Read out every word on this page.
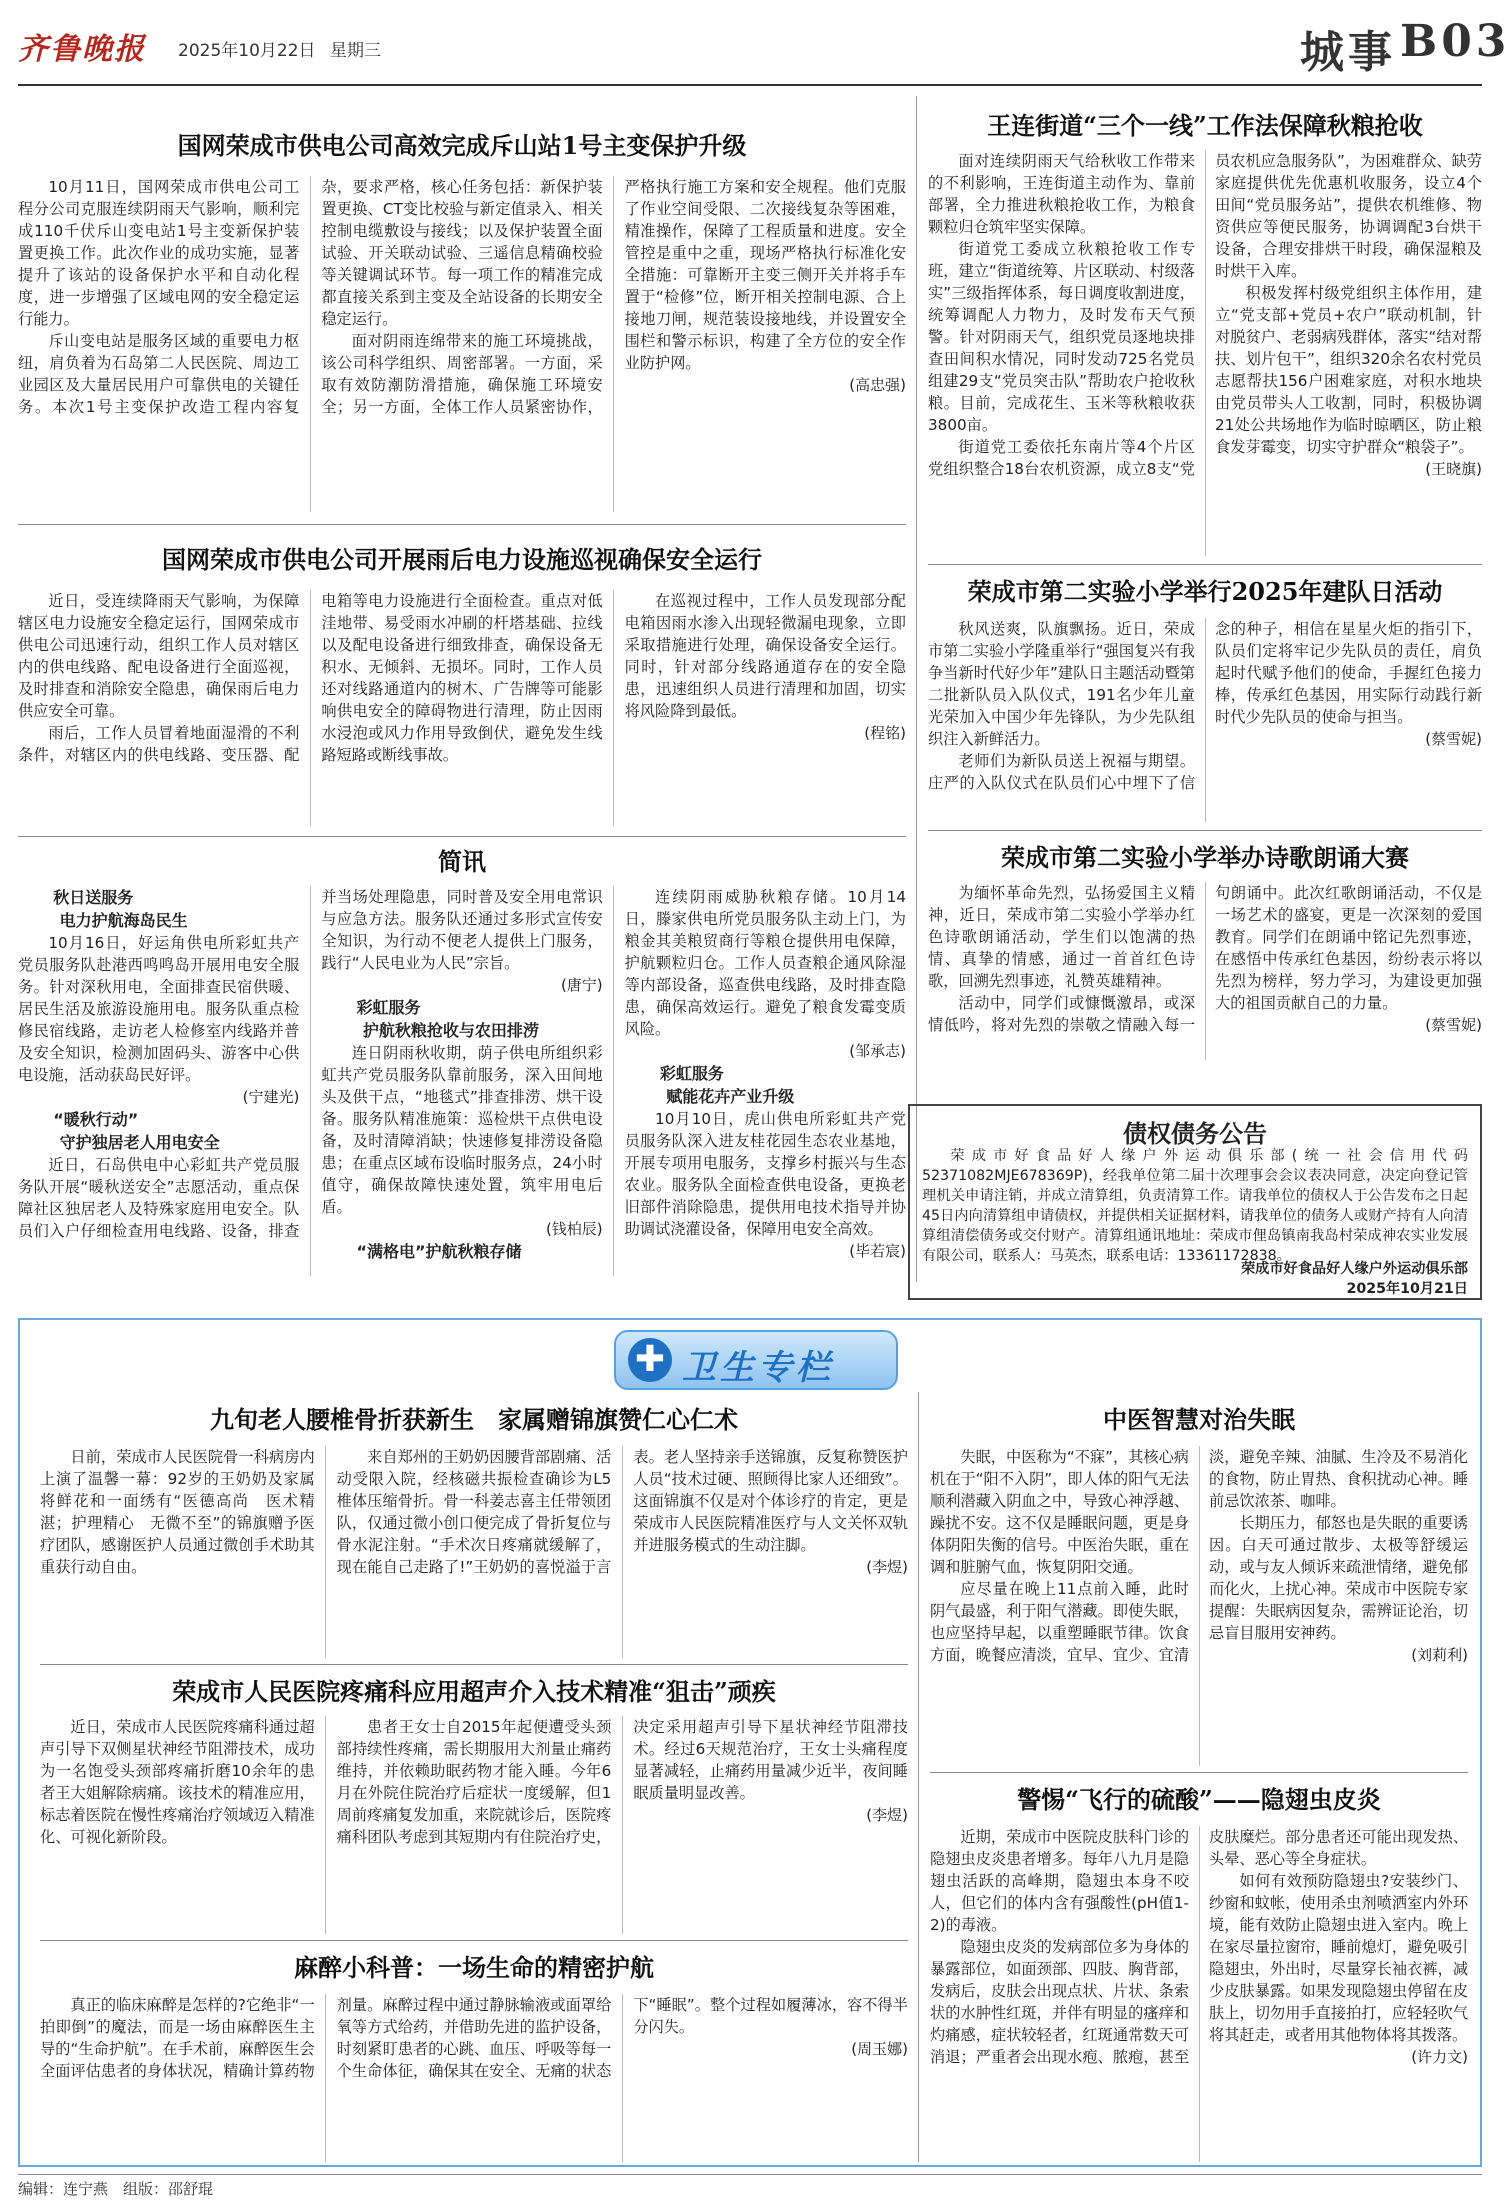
齐鲁晚报	2025年10月22日 星期三	城事 B03
国网荣成市供电公司高效完成斥山站1号主变保护升级

10月11日，国网荣成市供电公司工程分公司克服连续阴雨天气影响，顺利完成110千伏斥山变电站1号主变新保护装置更换工作。此次作业的成功实施，显著提升了该站的设备保护水平和自动化程度，进一步增强了区域电网的安全稳定运行能力。

斥山变电站是服务区域的重要电力枢纽，肩负着为石岛第二人民医院、周边工业园区及大量居民用户可靠供电的关键任务。本次1号主变保护改造工程内容复杂，要求严格，核心任务包括：新保护装置更换、CT变比校验与新定值录入、相关控制电缆敷设与接线；以及保护装置全面试验、开关联动试验、三遥信息精确校验等关键调试环节。每一项工作的精准完成都直接关系到主变及全站设备的长期安全稳定运行。

面对阴雨连绵带来的施工环境挑战，该公司科学组织、周密部署。一方面，采取有效防潮防滑措施，确保施工环境安全；另一方面，全体工作人员紧密协作，严格执行施工方案和安全规程。他们克服了作业空间受限、二次接线复杂等困难，精准操作，保障了工程质量和进度。安全管控是重中之重，现场严格执行标准化安全措施：可靠断开主变三侧开关并将手车置于“检修”位，断开相关控制电源、合上接地刀闸，规范装设接地线，并设置安全围栏和警示标识，构建了全方位的安全作业防护网。

(高忠强)

国网荣成市供电公司开展雨后电力设施巡视确保安全运行

近日，受连续降雨天气影响，为保障辖区电力设施安全稳定运行，国网荣成市供电公司迅速行动，组织工作人员对辖区内的供电线路、配电设备进行全面巡视，及时排查和消除安全隐患，确保雨后电力供应安全可靠。

雨后，工作人员冒着地面湿滑的不利条件，对辖区内的供电线路、变压器、配电箱等电力设施进行全面检查。重点对低洼地带、易受雨水冲刷的杆塔基础、拉线以及配电设备进行细致排查，确保设备无积水、无倾斜、无损坏。同时，工作人员还对线路通道内的树木、广告牌等可能影响供电安全的障碍物进行清理，防止因雨水浸泡或风力作用导致倒伏，避免发生线路短路或断线事故。

在巡视过程中，工作人员发现部分配电箱因雨水渗入出现轻微漏电现象，立即采取措施进行处理，确保设备安全运行。同时，针对部分线路通道存在的安全隐患，迅速组织人员进行清理和加固，切实将风险降到最低。

(程铭)

简讯

秋日送服务

电力护航海岛民生

10月16日，好运角供电所彩虹共产党员服务队赴港西鸣鸣岛开展用电安全服务。针对深秋用电，全面排查民宿供暖、居民生活及旅游设施用电。服务队重点检修民宿线路，走访老人检修室内线路并普及安全知识，检测加固码头、游客中心供电设施，活动获岛民好评。

(宁建光)

“暖秋行动”

守护独居老人用电安全

近日，石岛供电中心彩虹共产党员服务队开展“暖秋送安全”志愿活动，重点保障社区独居老人及特殊家庭用电安全。队员们入户仔细检查用电线路、设备，排查并当场处理隐患，同时普及安全用电常识与应急方法。服务队还通过多形式宣传安全知识，为行动不便老人提供上门服务，践行“人民电业为人民”宗旨。

(唐宁)

彩虹服务

护航秋粮抢收与农田排涝

连日阴雨秋收期，荫子供电所组织彩虹共产党员服务队靠前服务，深入田间地头及供干点，“地毯式”排查排涝、烘干设备。服务队精准施策：巡检烘干点供电设备，及时清障消缺；快速修复排涝设备隐患；在重点区域布设临时服务点，24小时值守，确保故障快速处置，筑牢用电后盾。

(钱柏辰)

“满格电”护航秋粮存储

连续阴雨威胁秋粮存储。10月14日，滕家供电所党员服务队主动上门，为粮金其美粮贸商行等粮仓提供用电保障，护航颗粒归仓。工作人员查粮企通风除湿等内部设备，巡查供电线路，及时排查隐患，确保高效运行。避免了粮食发霉变质风险。

(邹承志)

彩虹服务

赋能花卉产业升级

10月10日，虎山供电所彩虹共产党员服务队深入进友桂花园生态农业基地，开展专项用电服务，支撑乡村振兴与生态农业。服务队全面检查供电设备，更换老旧部件消除隐患，提供用电技术指导并协助调试浇灌设备，保障用电安全高效。

(毕若宸)

王连街道“三个一线”工作法保障秋粮抢收

面对连续阴雨天气给秋收工作带来的不利影响，王连街道主动作为、靠前部署，全力推进秋粮抢收工作，为粮食颗粒归仓筑牢坚实保障。

街道党工委成立秋粮抢收工作专班，建立“街道统筹、片区联动、村级落实”三级指挥体系，每日调度收割进度，统筹调配人力物力，及时发布天气预警。针对阴雨天气，组织党员逐地块排查田间积水情况，同时发动725名党员组建29支“党员突击队”帮助农户抢收秋粮。目前，完成花生、玉米等秋粮收获3800亩。

街道党工委依托东南片等4个片区党组织整合18台农机资源，成立8支“党员农机应急服务队”，为困难群众、缺劳家庭提供优先优惠机收服务，设立4个田间“党员服务站”，提供农机维修、物资供应等便民服务，协调调配3台烘干设备，合理安排烘干时段，确保湿粮及时烘干入库。

积极发挥村级党组织主体作用，建立“党支部+党员+农户”联动机制，针对脱贫户、老弱病残群体，落实“结对帮扶、划片包干”，组织320余名农村党员志愿帮扶156户困难家庭，对积水地块由党员带头人工收割，同时，积极协调21处公共场地作为临时晾晒区，防止粮食发芽霉变，切实守护群众“粮袋子”。

(王晓旗)

荣成市第二实验小学举行2025年建队日活动

秋风送爽，队旗飘扬。近日，荣成市第二实验小学隆重举行“强国复兴有我　争当新时代好少年”建队日主题活动暨第二批新队员入队仪式，191名少年儿童光荣加入中国少年先锋队，为少先队组织注入新鲜活力。

老师们为新队员送上祝福与期望。庄严的入队仪式在队员们心中埋下了信念的种子，相信在星星火炬的指引下，队员们定将牢记少先队员的责任，肩负起时代赋予他们的使命，手握红色接力棒，传承红色基因，用实际行动践行新时代少先队员的使命与担当。

(蔡雪妮)

荣成市第二实验小学举办诗歌朗诵大赛

为缅怀革命先烈，弘扬爱国主义精神，近日，荣成市第二实验小学举办红色诗歌朗诵活动，学生们以饱满的热情、真挚的情感，通过一首首红色诗歌，回溯先烈事迹，礼赞英雄精神。

活动中，同学们或慷慨激昂，或深情低吟，将对先烈的崇敬之情融入每一句朗诵中。此次红歌朗诵活动，不仅是一场艺术的盛宴，更是一次深刻的爱国教育。同学们在朗诵中铭记先烈事迹，在感悟中传承红色基因，纷纷表示将以先烈为榜样，努力学习，为建设更加强大的祖国贡献自己的力量。

(蔡雪妮)

债权债务公告

荣成市好食品好人缘户外运动俱乐部(统一社会信用代码52371082MJE678369P)，经我单位第二届十次理事会会议表决同意，决定向登记管理机关申请注销，并成立清算组，负责清算工作。请我单位的债权人于公告发布之日起45日内向清算组申请债权，并提供相关证据材料，请我单位的债务人或财产持有人向清算组清偿债务或交付财产。清算组通讯地址：荣成市俚岛镇南我岛村荣成神农实业发展有限公司，联系人：马英杰，联系电话：13361172838。

荣成市好食品好人缘户外运动俱乐部
2025年10月21日
✚ 卫生专栏
九旬老人腰椎骨折获新生　家属赠锦旗赞仁心仁术

日前，荣成市人民医院骨一科病房内上演了温馨一幕：92岁的王奶奶及家属将鲜花和一面绣有“医德高尚　医术精湛；护理精心　无微不至”的锦旗赠予医疗团队，感谢医护人员通过微创手术助其重获行动自由。

来自郑州的王奶奶因腰背部剧痛、活动受限入院，经核磁共振检查确诊为L5椎体压缩骨折。骨一科姜志喜主任带领团队，仅通过微小创口便完成了骨折复位与骨水泥注射。“手术次日疼痛就缓解了，现在能自己走路了!”王奶奶的喜悦溢于言表。老人坚持亲手送锦旗，反复称赞医护人员“技术过硬、照顾得比家人还细致”。这面锦旗不仅是对个体诊疗的肯定，更是荣成市人民医院精准医疗与人文关怀双轨并进服务模式的生动注脚。

(李煜)

荣成市人民医院疼痛科应用超声介入技术精准“狙击”顽疾

近日，荣成市人民医院疼痛科通过超声引导下双侧星状神经节阻滞技术，成功为一名饱受头颈部疼痛折磨10余年的患者王大姐解除病痛。该技术的精准应用，标志着医院在慢性疼痛治疗领域迈入精准化、可视化新阶段。

患者王女士自2015年起便遭受头颈部持续性疼痛，需长期服用大剂量止痛药维持，并依赖助眠药物才能入睡。今年6月在外院住院治疗后症状一度缓解，但1周前疼痛复发加重，来院就诊后，医院疼痛科团队考虑到其短期内有住院治疗史，决定采用超声引导下星状神经节阻滞技术。经过6天规范治疗，王女士头痛程度显著减轻，止痛药用量减少近半，夜间睡眠质量明显改善。

(李煜)

麻醉小科普：一场生命的精密护航

真正的临床麻醉是怎样的?它绝非“一拍即倒”的魔法，而是一场由麻醉医生主导的“生命护航”。在手术前，麻醉医生会全面评估患者的身体状况，精确计算药物剂量。麻醉过程中通过静脉输液或面罩给氧等方式给药，并借助先进的监护设备，时刻紧盯患者的心跳、血压、呼吸等每一个生命体征，确保其在安全、无痛的状态下“睡眠”。整个过程如履薄冰，容不得半分闪失。

(周玉娜)

中医智慧对治失眠

失眠，中医称为“不寐”，其核心病机在于“阳不入阴”，即人体的阳气无法顺利潜藏入阴血之中，导致心神浮越、躁扰不安。这不仅是睡眠问题，更是身体阴阳失衡的信号。中医治失眠，重在调和脏腑气血，恢复阴阳交通。

应尽量在晚上11点前入睡，此时阴气最盛，利于阳气潜藏。即使失眠，也应坚持早起，以重塑睡眠节律。饮食方面，晚餐应清淡，宜早、宜少、宜清淡，避免辛辣、油腻、生冷及不易消化的食物，防止胃热、食积扰动心神。睡前忌饮浓茶、咖啡。

长期压力，郁怒也是失眠的重要诱因。白天可通过散步、太极等舒缓运动，或与友人倾诉来疏泄情绪，避免郁而化火，上扰心神。荣成市中医院专家提醒：失眠病因复杂，需辨证论治，切忌盲目服用安神药。

(刘莉利)

警惕“飞行的硫酸”——隐翅虫皮炎

近期，荣成市中医院皮肤科门诊的隐翅虫皮炎患者增多。每年八九月是隐翅虫活跃的高峰期，隐翅虫本身不咬人，但它们的体内含有强酸性(pH值1-2)的毒液。

隐翅虫皮炎的发病部位多为身体的暴露部位，如面颈部、四肢、胸背部，发病后，皮肤会出现点状、片状、条索状的水肿性红斑，并伴有明显的瘙痒和灼痛感，症状较轻者，红斑通常数天可消退；严重者会出现水疱、脓疱，甚至皮肤糜烂。部分患者还可能出现发热、头晕、恶心等全身症状。

如何有效预防隐翅虫?安装纱门、纱窗和蚊帐，使用杀虫剂喷洒室内外环境，能有效防止隐翅虫进入室内。晚上在家尽量拉窗帘，睡前熄灯，避免吸引隐翅虫，外出时，尽量穿长袖衣裤，减少皮肤暴露。如果发现隐翅虫停留在皮肤上，切勿用手直接拍打，应轻轻吹气将其赶走，或者用其他物体将其拨落。

(许力文)

编辑：连宁燕　组版：邵舒琨
